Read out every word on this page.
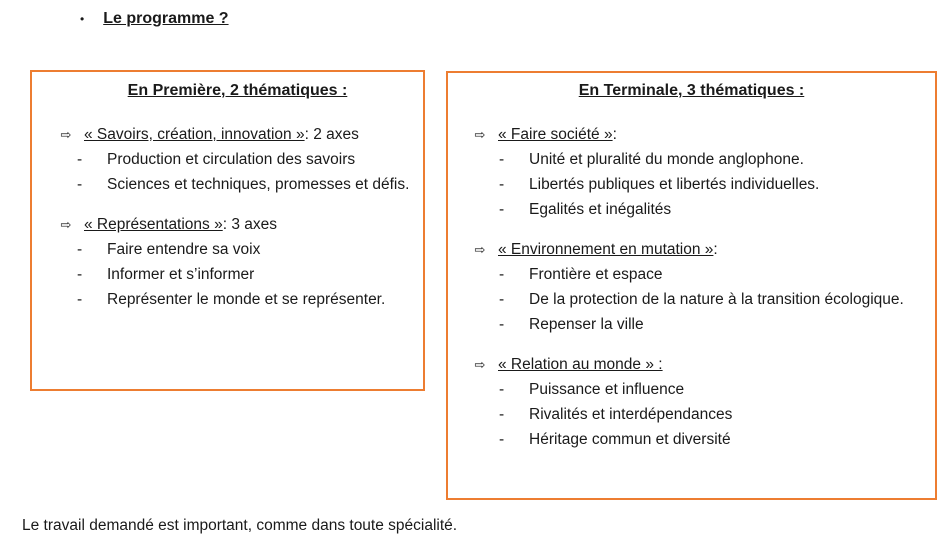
• Le programme ?
En Première, 2 thématiques :
⇨ « Savoirs, création, innovation » : 2 axes
-	Production et circulation des savoirs
-	Sciences et techniques, promesses et défis.
⇨ « Représentations » : 3 axes
-	Faire entendre sa voix
-	Informer et s’informer
-	Représenter le monde et se représenter.
En Terminale, 3 thématiques :
⇨ « Faire société » :
-	Unité et pluralité du monde anglophone.
-	Libertés publiques et libertés individuelles.
-	Egalités et inégalités
⇨ « Environnement en mutation » :
-	Frontière et espace
-	De la protection de la nature à la transition écologique.
-	Repenser la ville
⇨ « Relation au monde » :
-	Puissance et influence
-	Rivalités et interdépendances
-	Héritage commun et diversité
Le travail demandé est important, comme dans toute spécialité.
